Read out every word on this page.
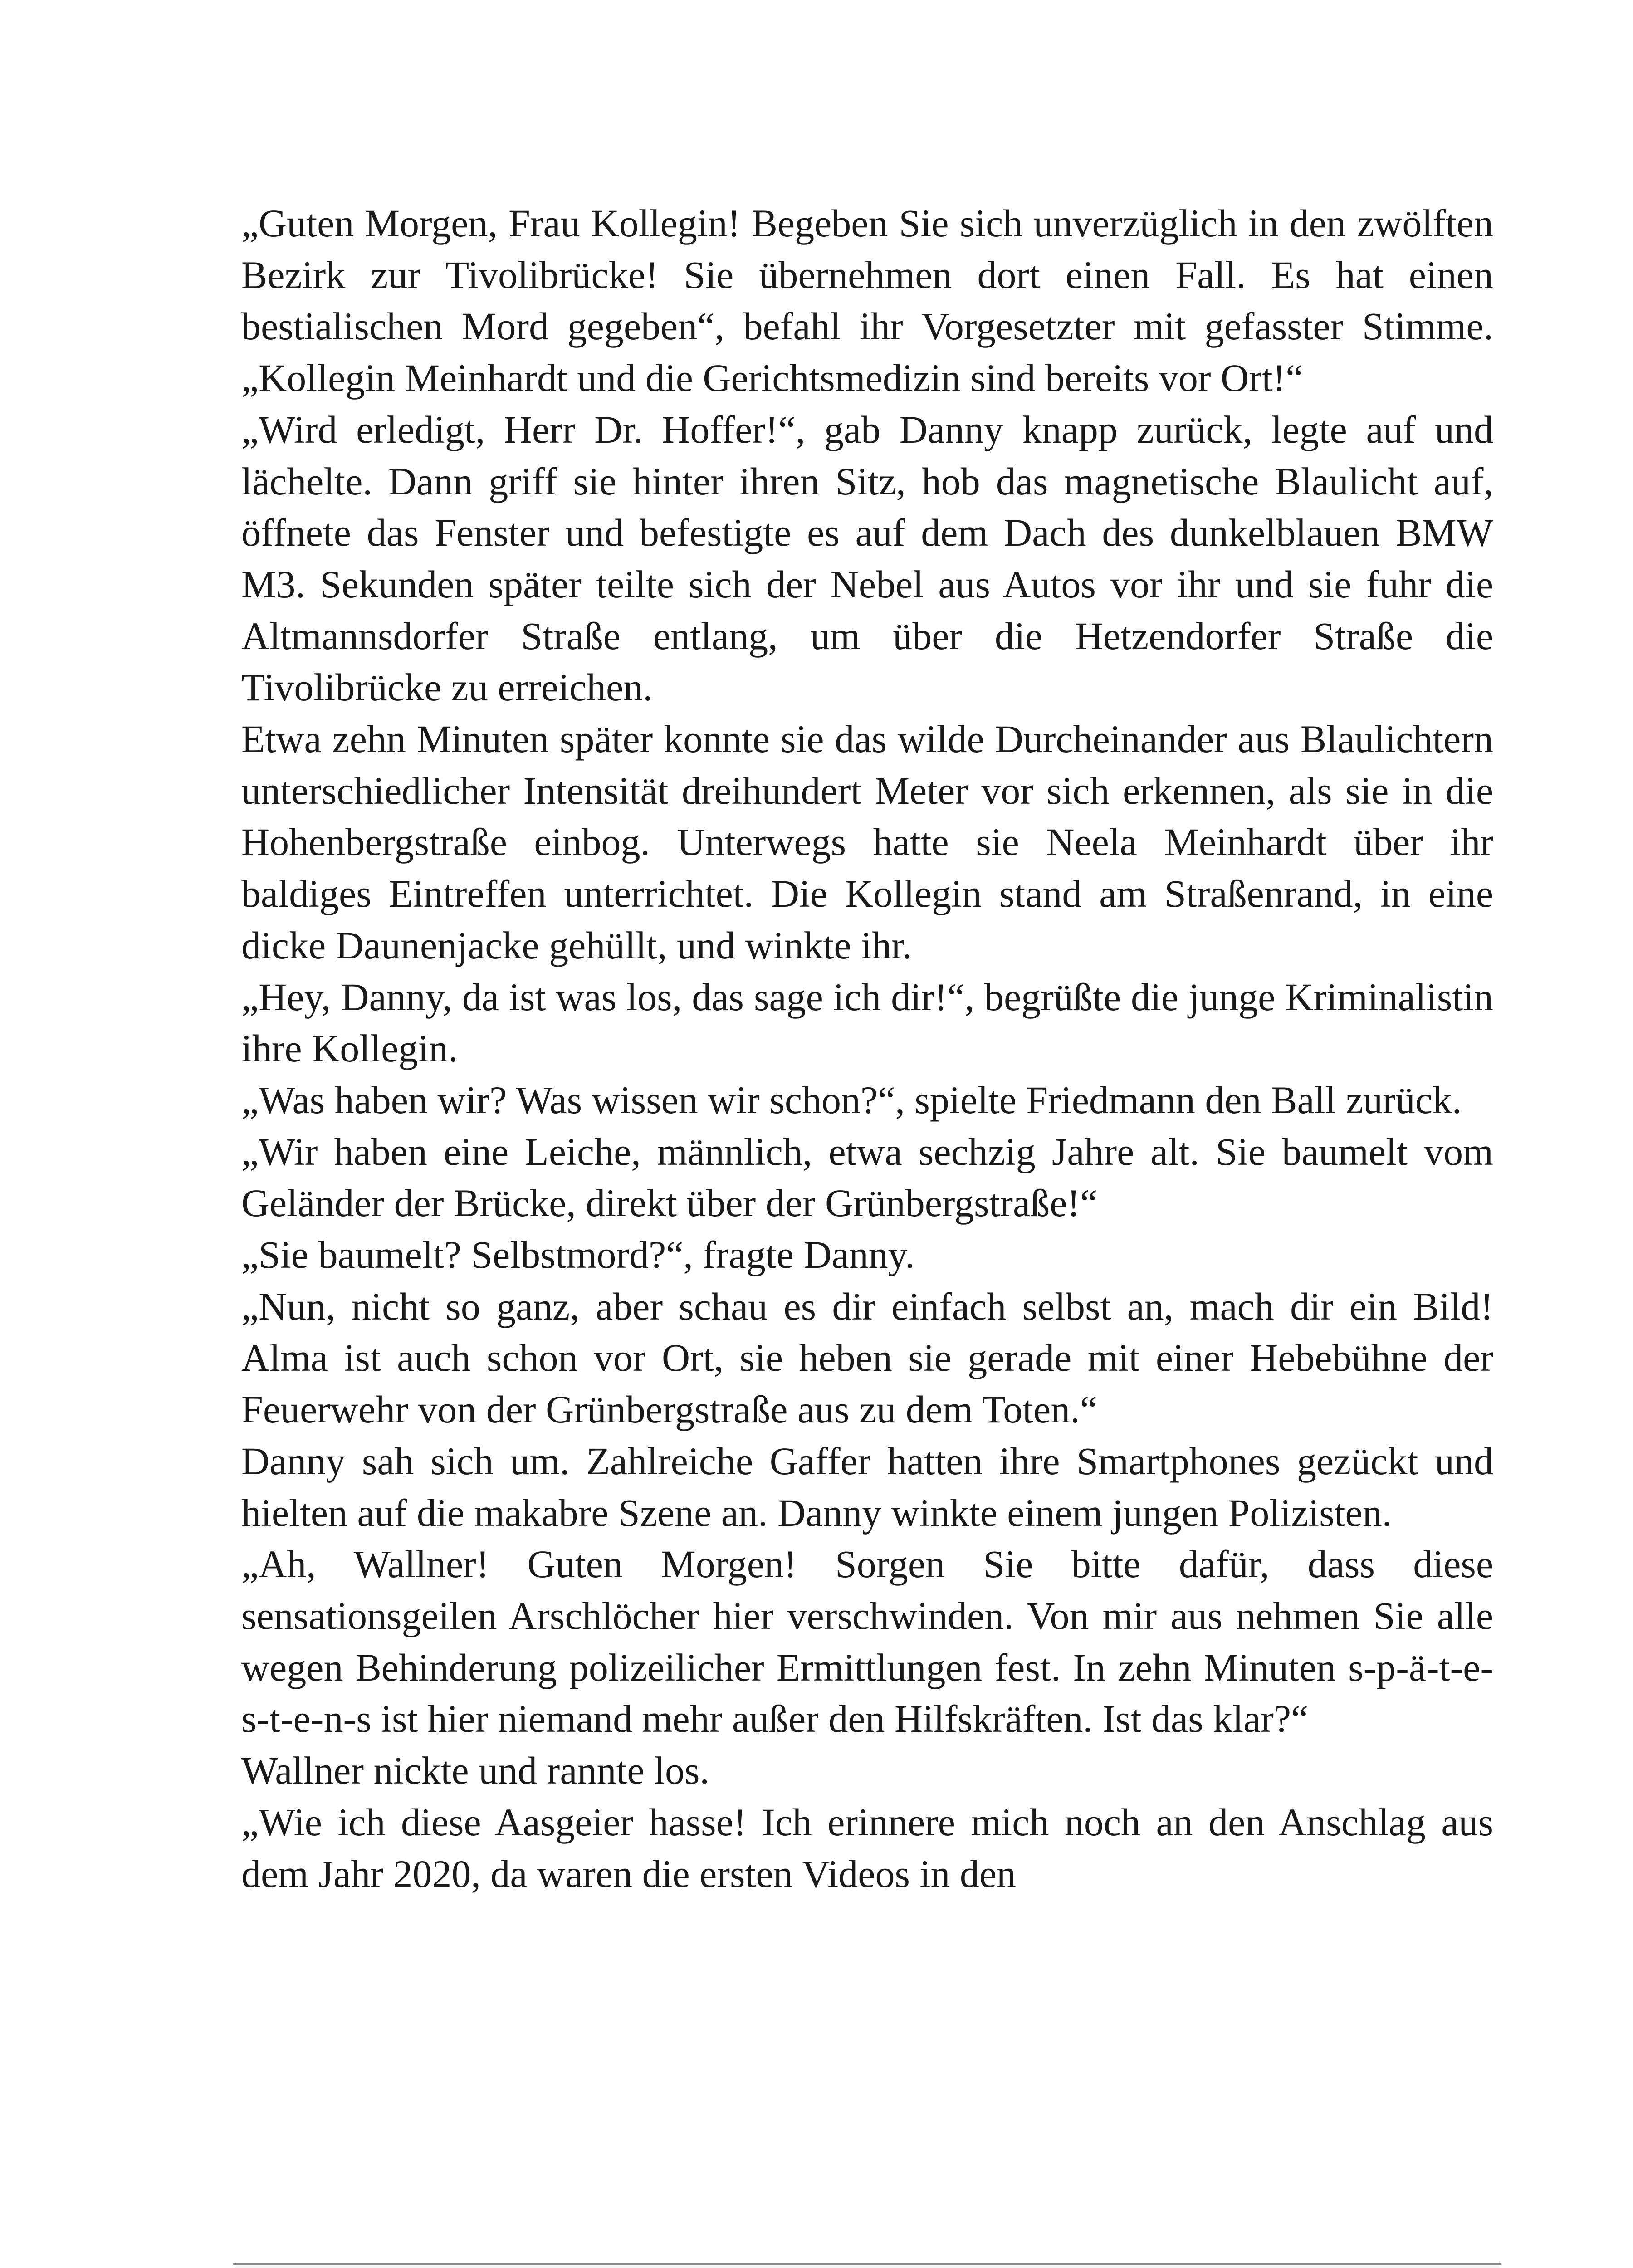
„Guten Morgen, Frau Kollegin! Begeben Sie sich unverzüglich in den zwölften Bezirk zur Tivolibrücke! Sie übernehmen dort einen Fall. Es hat einen bestialischen Mord gegeben“, befahl ihr Vorgesetzter mit gefasster Stimme. „Kollegin Meinhardt und die Gerichtsmedizin sind bereits vor Ort!“

„Wird erledigt, Herr Dr. Hoffer!“, gab Danny knapp zurück, legte auf und lächelte. Dann griff sie hinter ihren Sitz, hob das magnetische Blaulicht auf, öffnete das Fenster und befestigte es auf dem Dach des dunkelblauen BMW M3. Sekunden später teilte sich der Nebel aus Autos vor ihr und sie fuhr die Altmannsdorfer Straße entlang, um über die Hetzendorfer Straße die Tivolibrücke zu erreichen.

Etwa zehn Minuten später konnte sie das wilde Durcheinander aus Blaulichtern unterschiedlicher Intensität dreihundert Meter vor sich erkennen, als sie in die Hohenbergstraße einbog. Unterwegs hatte sie Neela Meinhardt über ihr baldiges Eintreffen unterrichtet. Die Kollegin stand am Straßenrand, in eine dicke Daunenjacke gehüllt, und winkte ihr.

„Hey, Danny, da ist was los, das sage ich dir!“, begrüßte die junge Kriminalistin ihre Kollegin.

„Was haben wir? Was wissen wir schon?“, spielte Friedmann den Ball zurück.

„Wir haben eine Leiche, männlich, etwa sechzig Jahre alt. Sie baumelt vom Geländer der Brücke, direkt über der Grünbergstraße!“

„Sie baumelt? Selbstmord?“, fragte Danny.

„Nun, nicht so ganz, aber schau es dir einfach selbst an, mach dir ein Bild! Alma ist auch schon vor Ort, sie heben sie gerade mit einer Hebebühne der Feuerwehr von der Grünbergstraße aus zu dem Toten.“

Danny sah sich um. Zahlreiche Gaffer hatten ihre Smartphones gezückt und hielten auf die makabre Szene an. Danny winkte einem jungen Polizisten.

„Ah, Wallner! Guten Morgen! Sorgen Sie bitte dafür, dass diese sensationsgeilen Arschlöcher hier verschwinden. Von mir aus nehmen Sie alle wegen Behinderung polizeilicher Ermittlungen fest. In zehn Minuten s-p-ä-t-e-s-t-e-n-s ist hier niemand mehr außer den Hilfskräften. Ist das klar?“

Wallner nickte und rannte los.

„Wie ich diese Aasgeier hasse! Ich erinnere mich noch an den Anschlag aus dem Jahr 2020, da waren die ersten Videos in den
